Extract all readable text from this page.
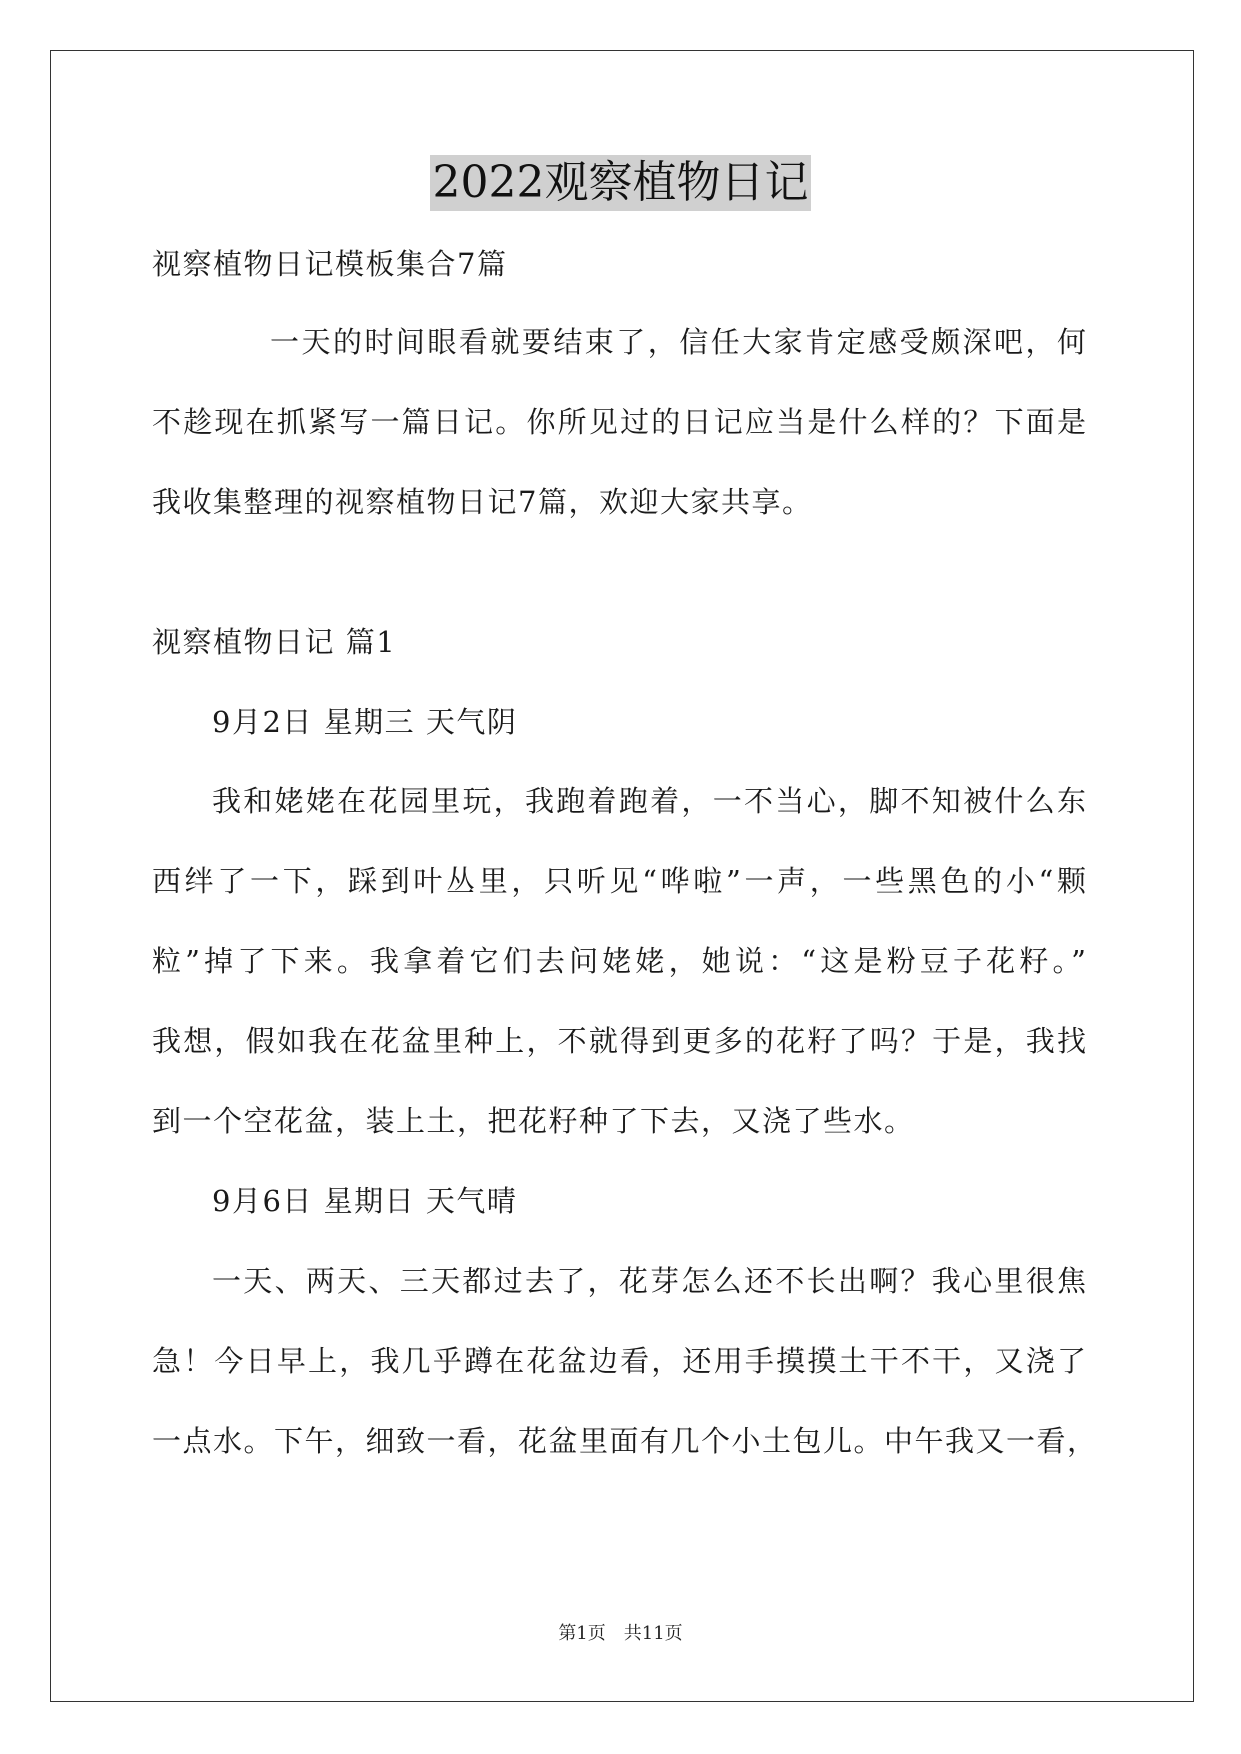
2022观察植物日记
视察植物日记模板集合7篇
一天的时间眼看就要结束了，信任大家肯定感受颇深吧，何
不趁现在抓紧写一篇日记。你所见过的日记应当是什么样的？下面是
我收集整理的视察植物日记7篇，欢迎大家共享。
视察植物日记 篇1
9月2日 星期三 天气阴
我和姥姥在花园里玩，我跑着跑着，一不当心，脚不知被什么东
西绊了一下，踩到叶丛里，只听见“哗啦”一声，一些黑色的小“颗
粒”掉了下来。我拿着它们去问姥姥，她说：“这是粉豆子花籽。”
我想，假如我在花盆里种上，不就得到更多的花籽了吗？于是，我找
到一个空花盆，装上土，把花籽种了下去，又浇了些水。
9月6日 星期日 天气晴
一天、两天、三天都过去了，花芽怎么还不长出啊？我心里很焦
急！今日早上，我几乎蹲在花盆边看，还用手摸摸土干不干，又浇了
一点水。下午，细致一看，花盆里面有几个小土包儿。中午我又一看，
第1页 共11页
